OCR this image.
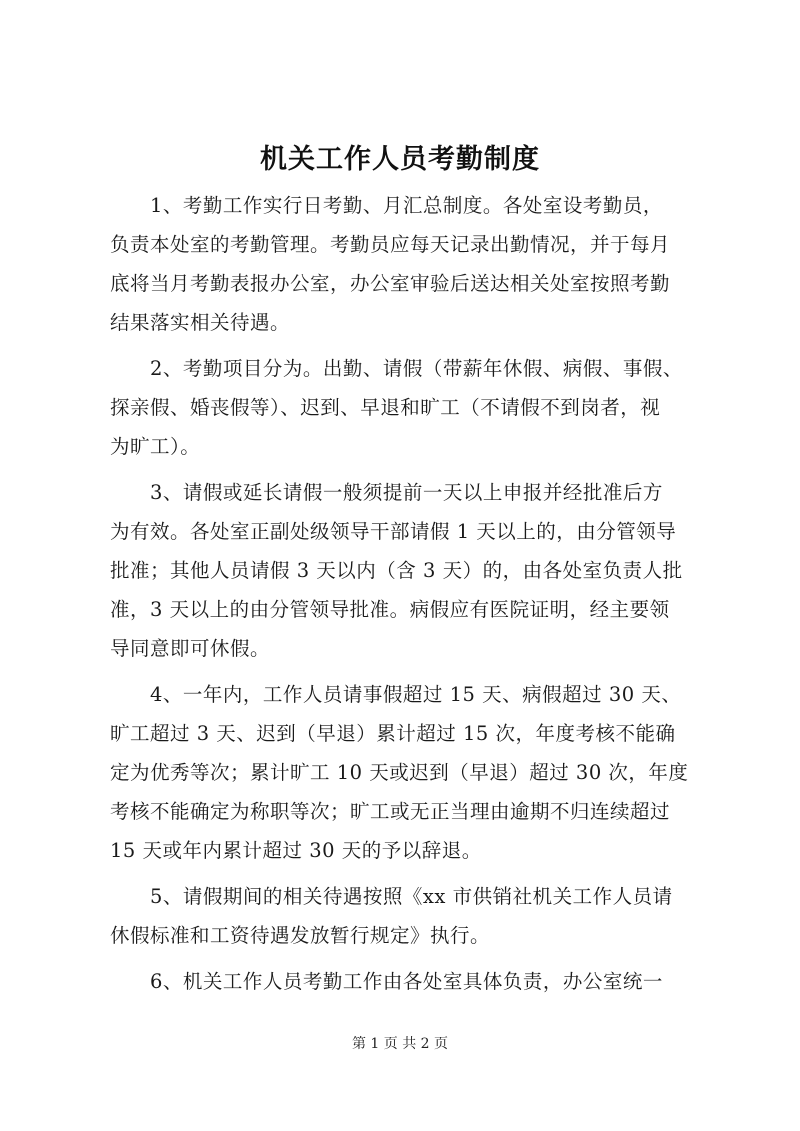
机关工作人员考勤制度
　　1、考勤工作实行日考勤、月汇总制度。各处室设考勤员，
负责本处室的考勤管理。考勤员应每天记录出勤情况，并于每月
底将当月考勤表报办公室，办公室审验后送达相关处室按照考勤
结果落实相关待遇。
　　2、考勤项目分为。出勤、请假（带薪年休假、病假、事假、
探亲假、婚丧假等）、迟到、早退和旷工（不请假不到岗者，视
为旷工）。
　　3、请假或延长请假一般须提前一天以上申报并经批准后方
为有效。各处室正副处级领导干部请假 1 天以上的，由分管领导
批准；其他人员请假 3 天以内（含 3 天）的，由各处室负责人批
准，3 天以上的由分管领导批准。病假应有医院证明，经主要领
导同意即可休假。
　　4、一年内，工作人员请事假超过 15 天、病假超过 30 天、
旷工超过 3 天、迟到（早退）累计超过 15 次，年度考核不能确
定为优秀等次；累计旷工 10 天或迟到（早退）超过 30 次，年度
考核不能确定为称职等次；旷工或无正当理由逾期不归连续超过
15 天或年内累计超过 30 天的予以辞退。
　　5、请假期间的相关待遇按照《xx 市供销社机关工作人员请
休假标准和工资待遇发放暂行规定》执行。
　　6、机关工作人员考勤工作由各处室具体负责，办公室统一
第 1 页 共 2 页
